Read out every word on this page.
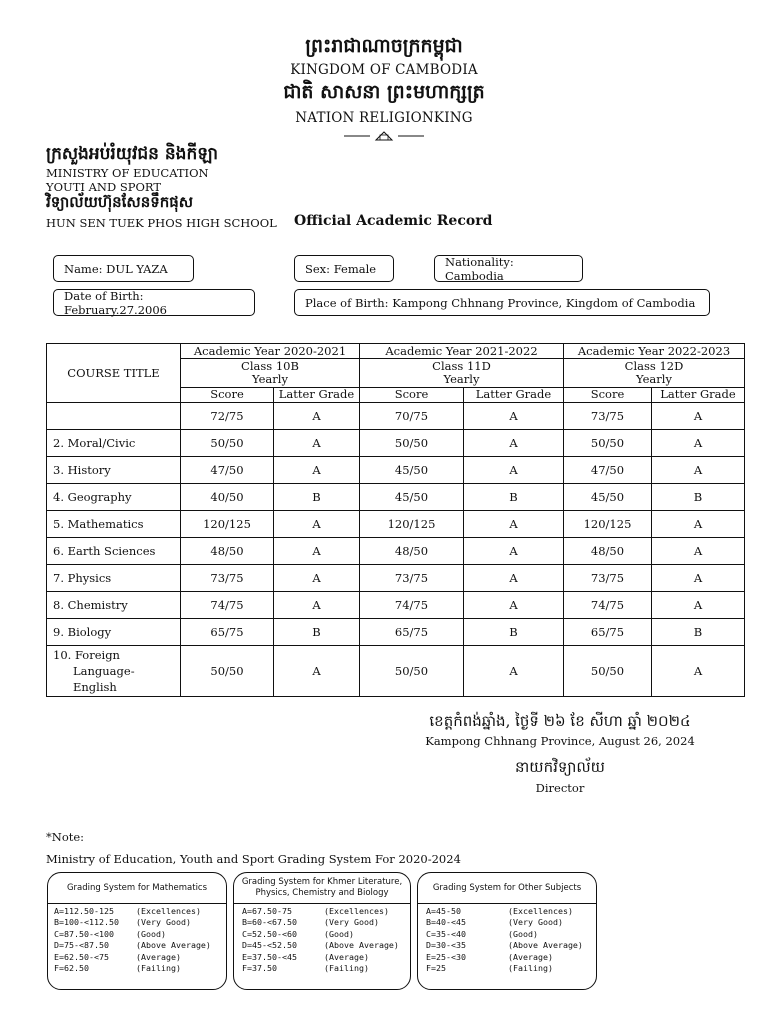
ព្រះរាជាណាចក្រកម្ពុជា
KINGDOM OF CAMBODIA
ជាតិ សាសនា ព្រះមហាក្សត្រ
NATION RELIGIONKING
ក្រសួងអប់រំយុវជន និងកីឡា
MINISTRY OF EDUCATION
YOUTI AND SPORT
វិទ្យាល័យហ៊ុនសែនទឹកផុស
HUN SEN TUEK PHOS HIGH SCHOOL Official Academic Record
Name: DUL YAZA	Sex: Female	Nationality: Cambodia
Date of Birth: February.27.2006	Place of Birth: Kampong Chhnang Province, Kingdom of Cambodia
COURSE TITLE	Academic Year 2020-2021		Academic Year 2021-2022		Academic Year 2022-2023	
	Class 10B		Class 11D		Class 12D	
	Yearly		Yearly		Yearly	
	Score	Latter Grade	Score	Latter Grade	Score	Latter Grade
	72/75	A	70/75	A	73/75	A
2. Moral/Civic	50/50	A	50/50	A	50/50	A
3. History	47/50	A	45/50	A	47/50	A
4. Geography	40/50	B	45/50	B	45/50	B
5. Mathematics	120/125	A	120/125	A	120/125	A
6. Earth Sciences	48/50	A	48/50	A	48/50	A
7. Physics	73/75	A	73/75	A	73/75	A
8. Chemistry	74/75	A	74/75	A	74/75	A
9. Biology	65/75	B	65/75	B	65/75	B

10. Foreign
Language-
English	50/50	A	50/50	A	50/50	A
ខេត្តកំពង់ឆ្នាំង, ថ្ងៃទី ២៦ ខែ សីហា ឆ្នាំ ២០២៤
Kampong Chhnang Province, August 26, 2024
នាយកវិទ្យាល័យ
Director
*Note:
Ministry of Education, Youth and Sport Grading System For 2020-2024
Grading System for Mathematics
A=112.50-125	(Excellences)
B=100-<112.50	(Very Good)
C=87.50-<100	(Good)
D=75-<87.50	(Above Average)
E=62.50-<75	(Average)
F=62.50	(Failing)
Grading System for Khmer Literature, Physics, Chemistry and Biology
A=67.50-75	(Excellences)
B=60-<67.50	(Very Good)
C=52.50-<60	(Good)
D=45-<52.50	(Above Average)
E=37.50-<45	(Average)
F=37.50	(Failing)
Grading System for Other Subjects
A=45-50	(Excellences)
B=40-<45	(Very Good)
C=35-<40	(Good)
D=30-<35	(Above Average)
E=25-<30	(Average)
F=25	(Failing)
